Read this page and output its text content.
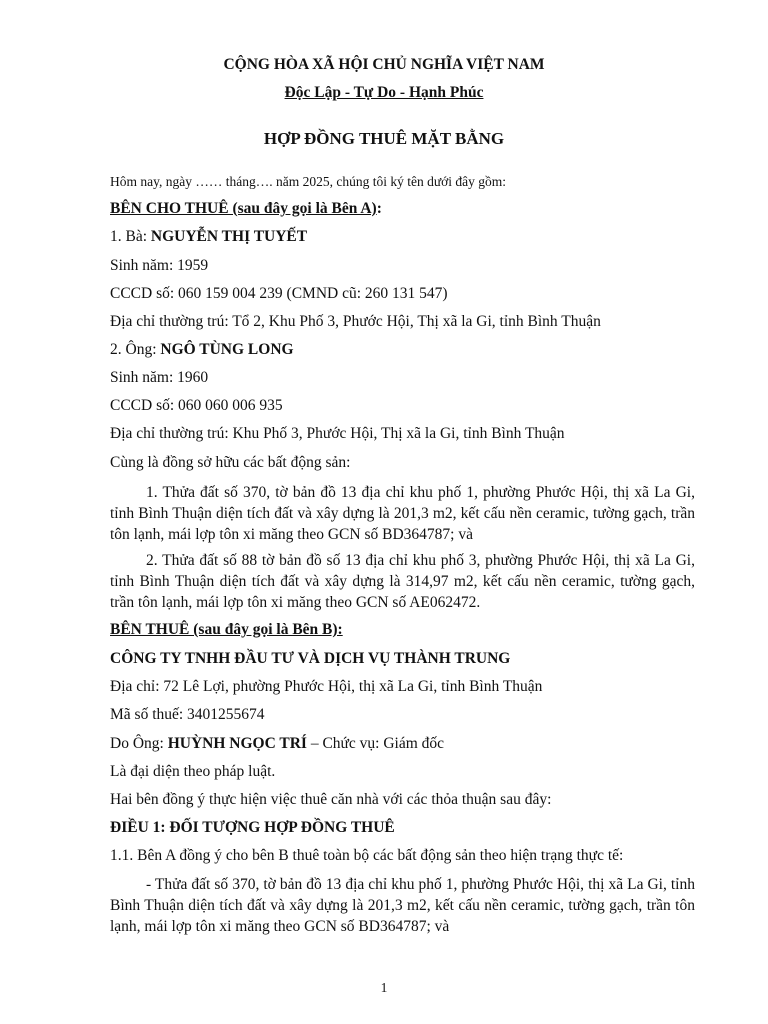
CỘNG HÒA XÃ HỘI CHỦ NGHĨA VIỆT NAM

Độc Lập - Tự Do - Hạnh Phúc

HỢP ĐỒNG THUÊ MẶT BẰNG

Hôm nay, ngày …… tháng…. năm 2025, chúng tôi ký tên dưới đây gồm:

BÊN CHO THUÊ (sau đây gọi là Bên A):

1. Bà: NGUYỄN THỊ TUYẾT

Sinh năm: 1959

CCCD số: 060 159 004 239 (CMND cũ: 260 131 547)

Địa chỉ thường trú: Tổ 2, Khu Phố 3, Phước Hội, Thị xã la Gi, tỉnh Bình Thuận

2. Ông: NGÔ TÙNG LONG

Sinh năm: 1960

CCCD số: 060 060 006 935

Địa chỉ thường trú: Khu Phố 3, Phước Hội, Thị xã la Gi, tỉnh Bình Thuận

Cùng là đồng sở hữu các bất động sản:

1. Thửa đất số 370, tờ bản đồ 13 địa chỉ khu phố 1, phường Phước Hội, thị xã La Gi, tỉnh Bình Thuận diện tích đất và xây dựng là 201,3 m2, kết cấu nền ceramic, tường gạch, trần tôn lạnh, mái lợp tôn xi măng theo GCN số BD364787; và

2. Thửa đất số 88 tờ bản đồ số 13 địa chỉ khu phố 3, phường Phước Hội, thị xã La Gi, tỉnh Bình Thuận diện tích đất và xây dựng là 314,97 m2, kết cấu nền ceramic, tường gạch, trần tôn lạnh, mái lợp tôn xi măng theo GCN số AE062472.

BÊN THUÊ (sau đây gọi là Bên B):

CÔNG TY TNHH ĐẦU TƯ VÀ DỊCH VỤ THÀNH TRUNG

Địa chỉ: 72 Lê Lợi, phường Phước Hội, thị xã La Gi, tỉnh Bình Thuận

Mã số thuế: 3401255674

Do Ông: HUỲNH NGỌC TRÍ – Chức vụ: Giám đốc

Là đại diện theo pháp luật.

Hai bên đồng ý thực hiện việc thuê căn nhà với các thỏa thuận sau đây:

ĐIỀU 1: ĐỐI TƯỢNG HỢP ĐỒNG THUÊ

1.1. Bên A đồng ý cho bên B thuê toàn bộ các bất động sản theo hiện trạng thực tế:

- Thửa đất số 370, tờ bản đồ 13 địa chỉ khu phố 1, phường Phước Hội, thị xã La Gi, tỉnh Bình Thuận diện tích đất và xây dựng là 201,3 m2, kết cấu nền ceramic, tường gạch, trần tôn lạnh, mái lợp tôn xi măng theo GCN số BD364787; và

1
